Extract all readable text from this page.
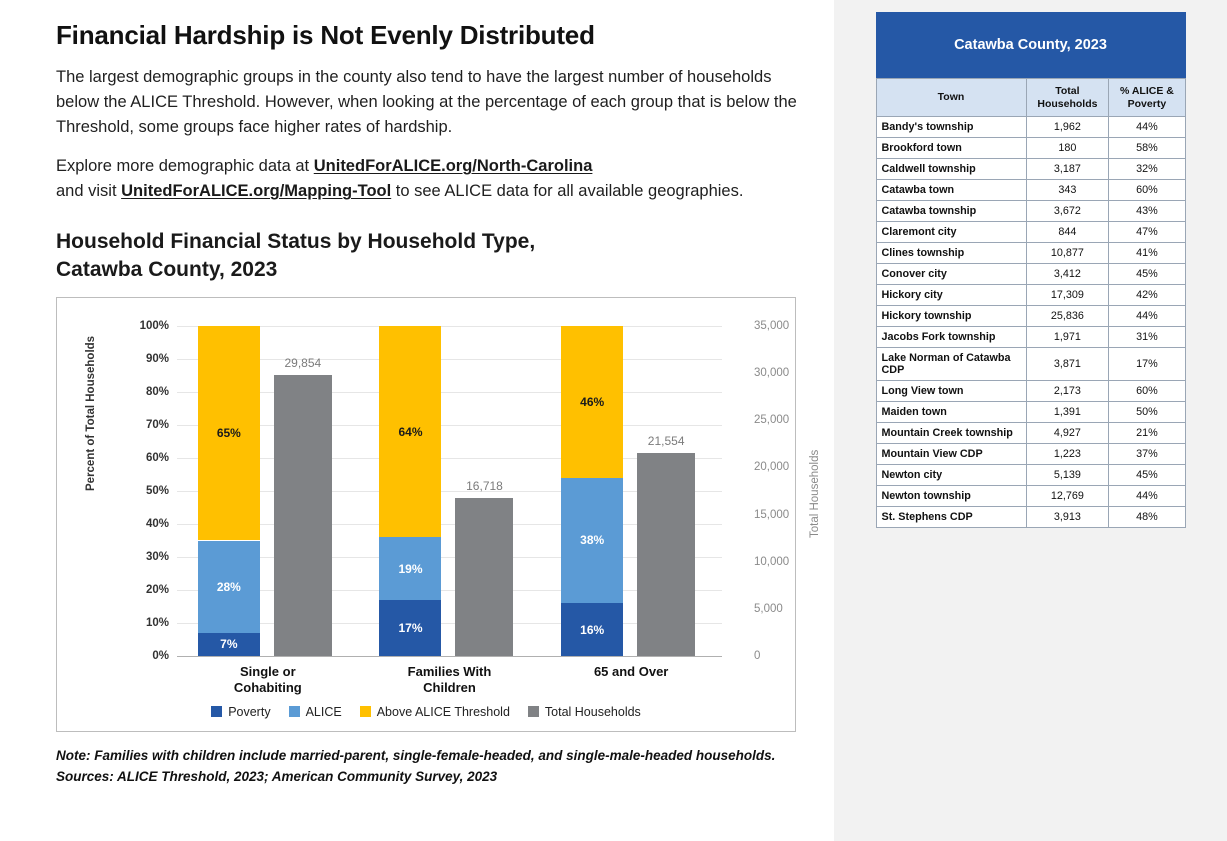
Financial Hardship is Not Evenly Distributed

The largest demographic groups in the county also tend to have the largest number of households below the ALICE Threshold. However, when looking at the percentage of each group that is below the Threshold, some groups face higher rates of hardship.

Explore more demographic data at UnitedForALICE.org/North-Carolina
and visit UnitedForALICE.org/Mapping-Tool to see ALICE data for all available geographies.

Household Financial Status by Household Type,
Catawba County, 2023
Percent of Total Households
Total Households
0%
10%
20%
30%
40%
50%
60%
70%
80%
90%
100%
0
5,000
10,000
15,000
20,000
25,000
30,000
35,000
7%
28%
65%
29,854
Single or
Cohabiting
17%
19%
64%
16,718
Families With
Children
16%
38%
46%
21,554
65 and Over
Poverty	ALICE	Above ALICE Threshold	Total Households
Note: Families with children include married-parent, single-female-headed, and single-male-headed households.
Sources: ALICE Threshold, 2023; American Community Survey, 2023
Catawba County, 2023
Town	Total Households	% ALICE & Poverty
Bandy's township	1,962	44%
Brookford town	180	58%
Caldwell township	3,187	32%
Catawba town	343	60%
Catawba township	3,672	43%
Claremont city	844	47%
Clines township	10,877	41%
Conover city	3,412	45%
Hickory city	17,309	42%
Hickory township	25,836	44%
Jacobs Fork township	1,971	31%
Lake Norman of Catawba CDP	3,871	17%
Long View town	2,173	60%
Maiden town	1,391	50%
Mountain Creek township	4,927	21%
Mountain View CDP	1,223	37%
Newton city	5,139	45%
Newton township	12,769	44%
St. Stephens CDP	3,913	48%
